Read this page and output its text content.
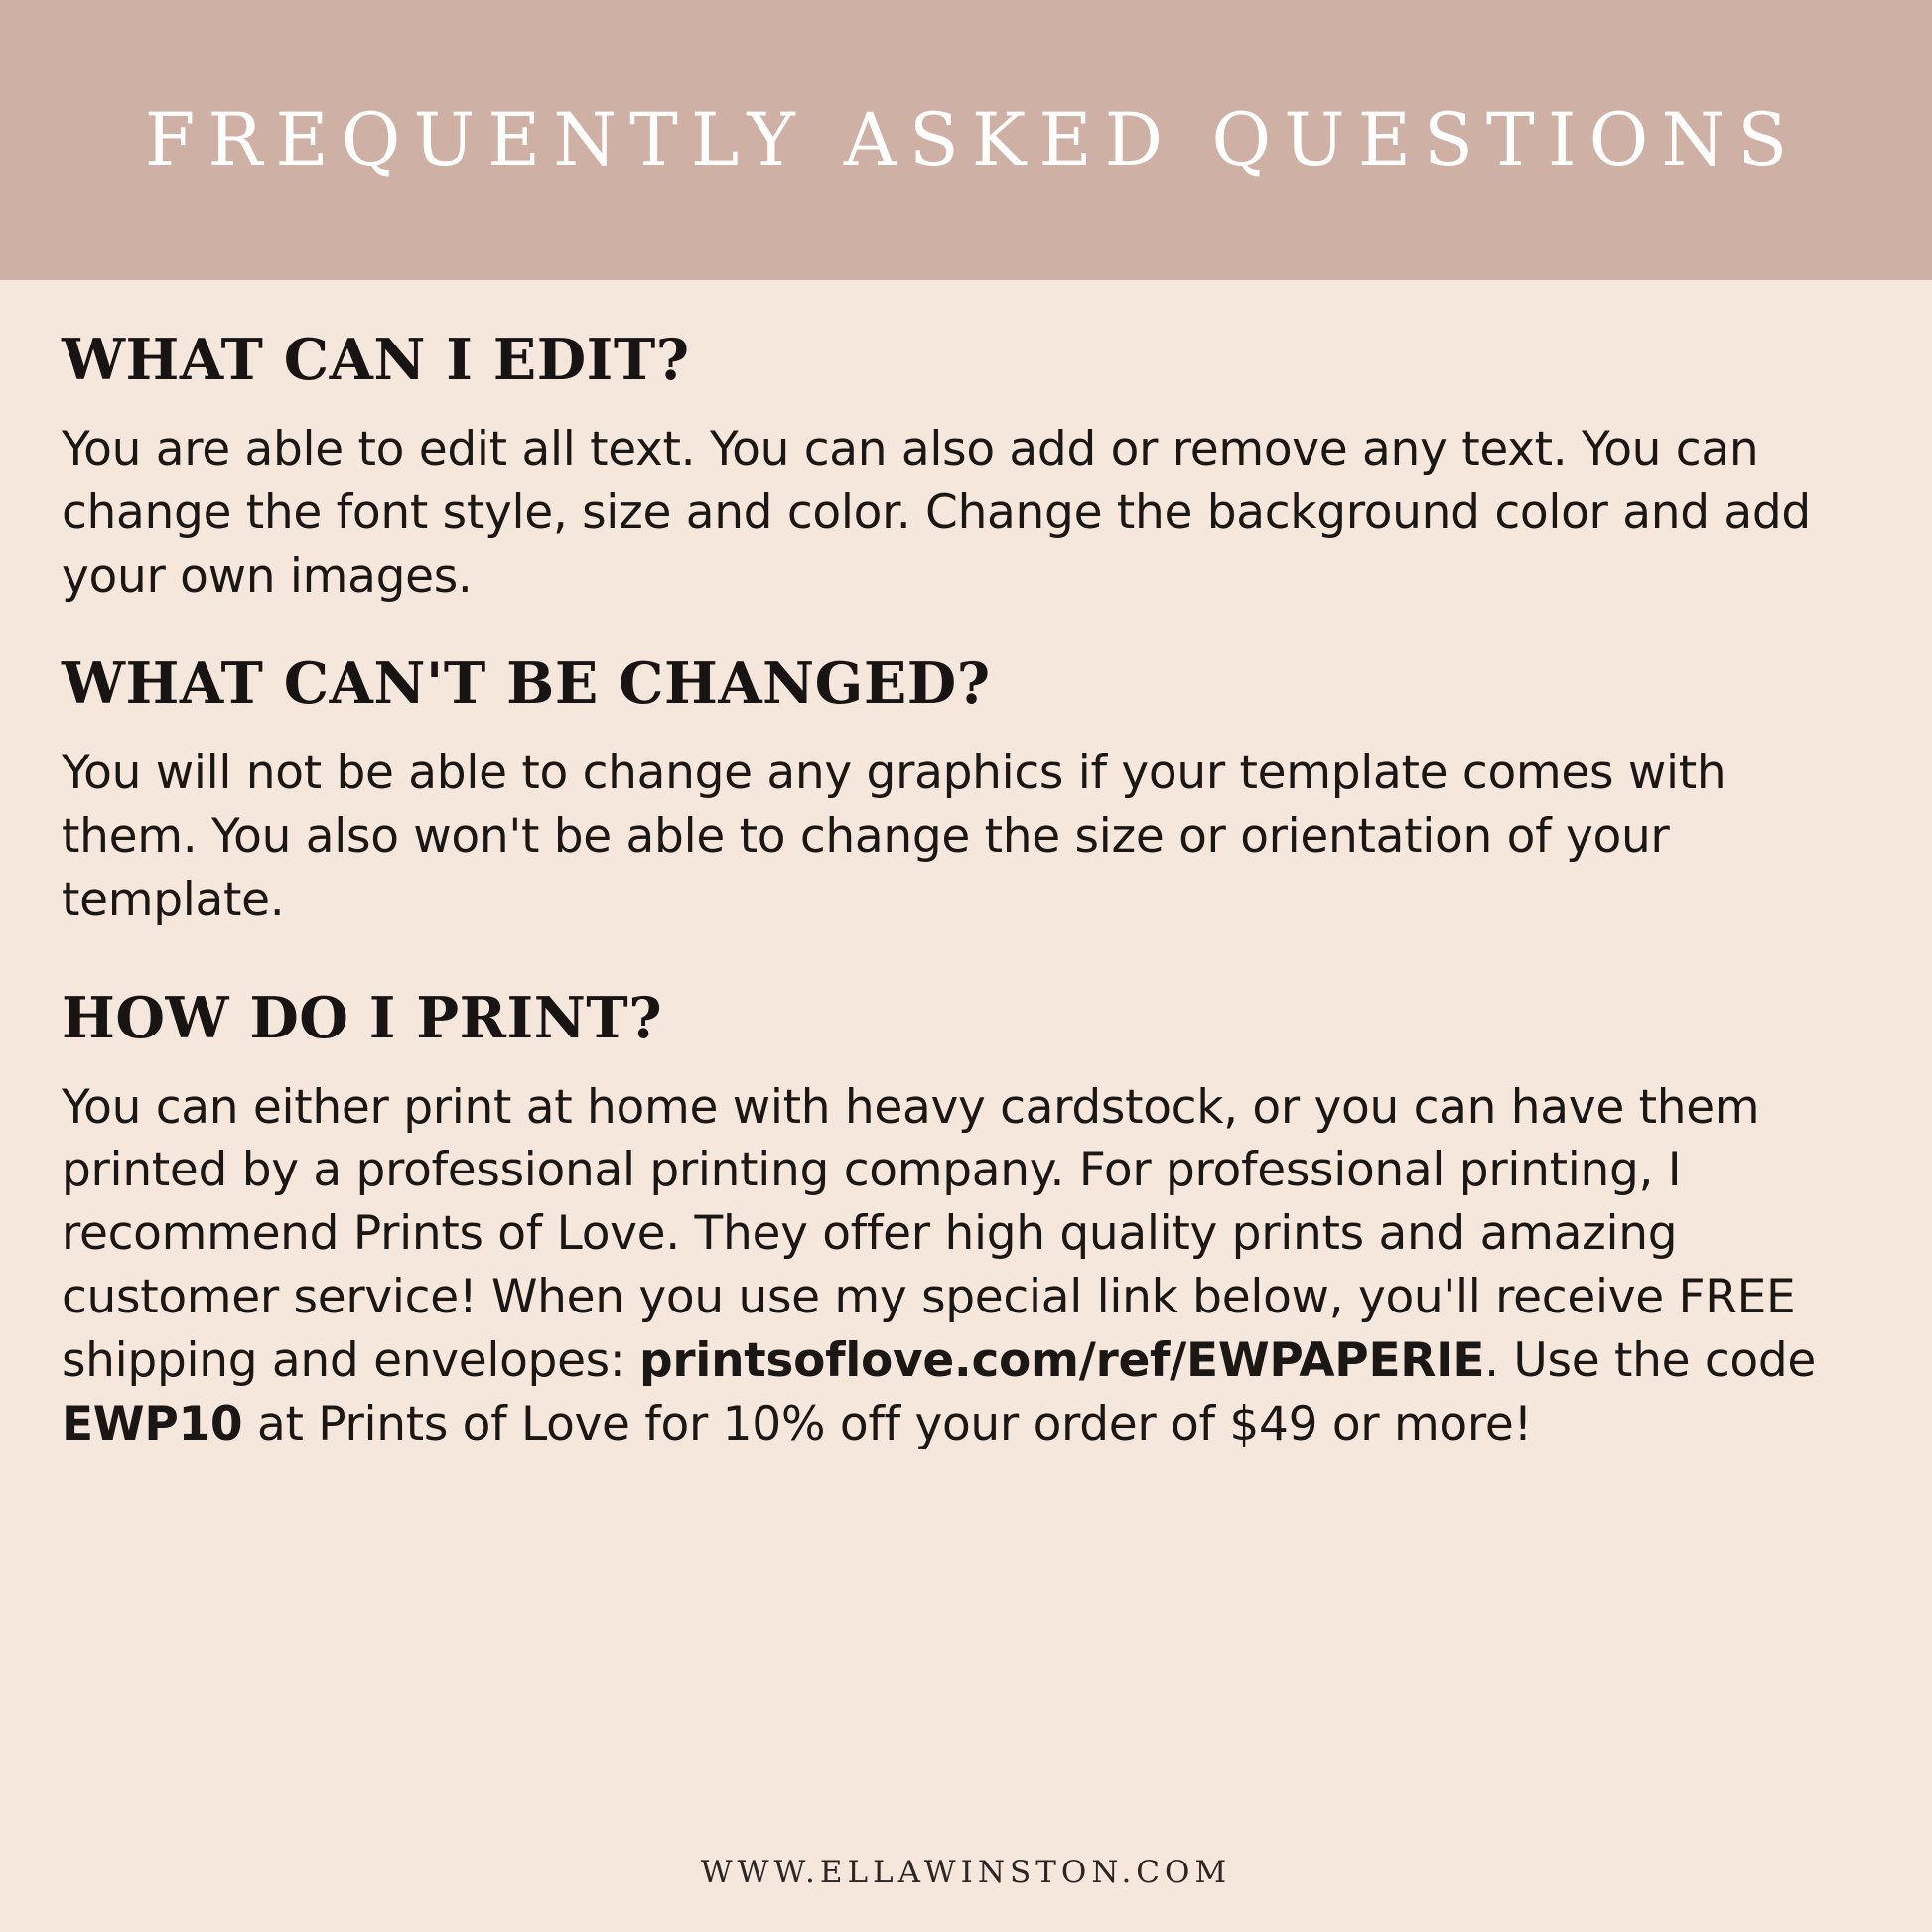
FREQUENTLY ASKED QUESTIONS
WHAT CAN I EDIT?

You are able to edit all text. You can also add or remove any text. You can change the font style, size and color. Change the background color and add your own images.

WHAT CAN'T BE CHANGED?

You will not be able to change any graphics if your template comes with them. You also won't be able to change the size or orientation of your template.

HOW DO I PRINT?

You can either print at home with heavy cardstock, or you can have them printed by a professional printing company. For professional printing, I recommend Prints of Love. They offer high quality prints and amazing customer service! When you use my special link below, you'll receive FREE shipping and envelopes: printsoflove.com/ref/EWPAPERIE. Use the code EWP10 at Prints of Love for 10% off your order of $49 or more!

WWW.ELLAWINSTON.COM
